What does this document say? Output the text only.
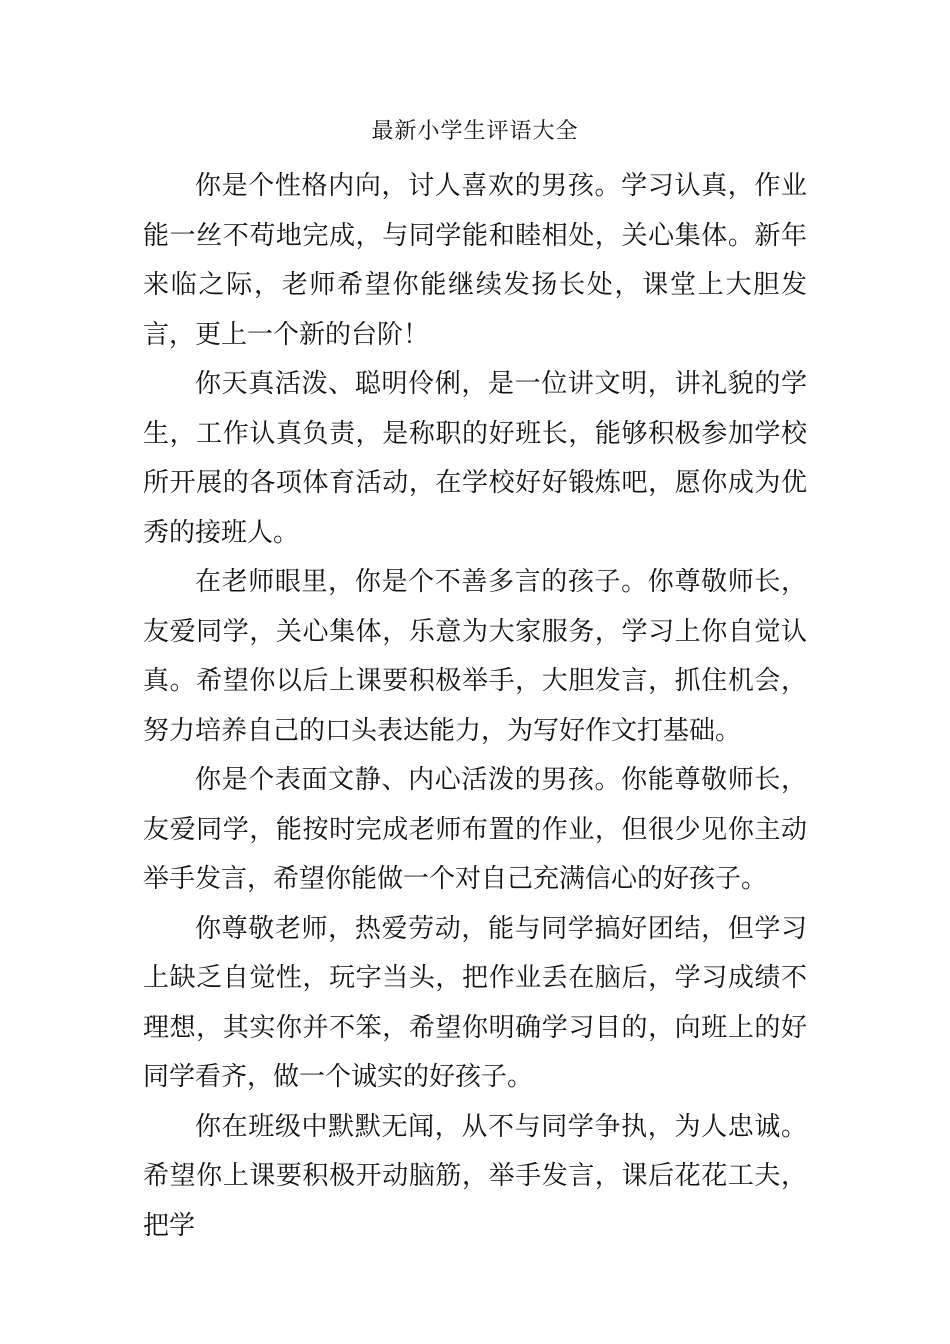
最新小学生评语大全

你是个性格内向，讨人喜欢的男孩。学习认真，作业能一丝不苟地完成，与同学能和睦相处，关心集体。新年来临之际，老师希望你能继续发扬长处，课堂上大胆发言，更上一个新的台阶！

你天真活泼、聪明伶俐，是一位讲文明，讲礼貌的学生，工作认真负责，是称职的好班长，能够积极参加学校所开展的各项体育活动，在学校好好锻炼吧，愿你成为优秀的接班人。

在老师眼里，你是个不善多言的孩子。你尊敬师长，友爱同学，关心集体，乐意为大家服务，学习上你自觉认真。希望你以后上课要积极举手，大胆发言，抓住机会，努力培养自己的口头表达能力，为写好作文打基础。

你是个表面文静、内心活泼的男孩。你能尊敬师长，友爱同学，能按时完成老师布置的作业，但很少见你主动举手发言，希望你能做一个对自己充满信心的好孩子。

你尊敬老师，热爱劳动，能与同学搞好团结，但学习上缺乏自觉性，玩字当头，把作业丢在脑后，学习成绩不理想，其实你并不笨，希望你明确学习目的，向班上的好同学看齐，做一个诚实的好孩子。

你在班级中默默无闻，从不与同学争执，为人忠诚。希望你上课要积极开动脑筋，举手发言，课后花花工夫，把学
